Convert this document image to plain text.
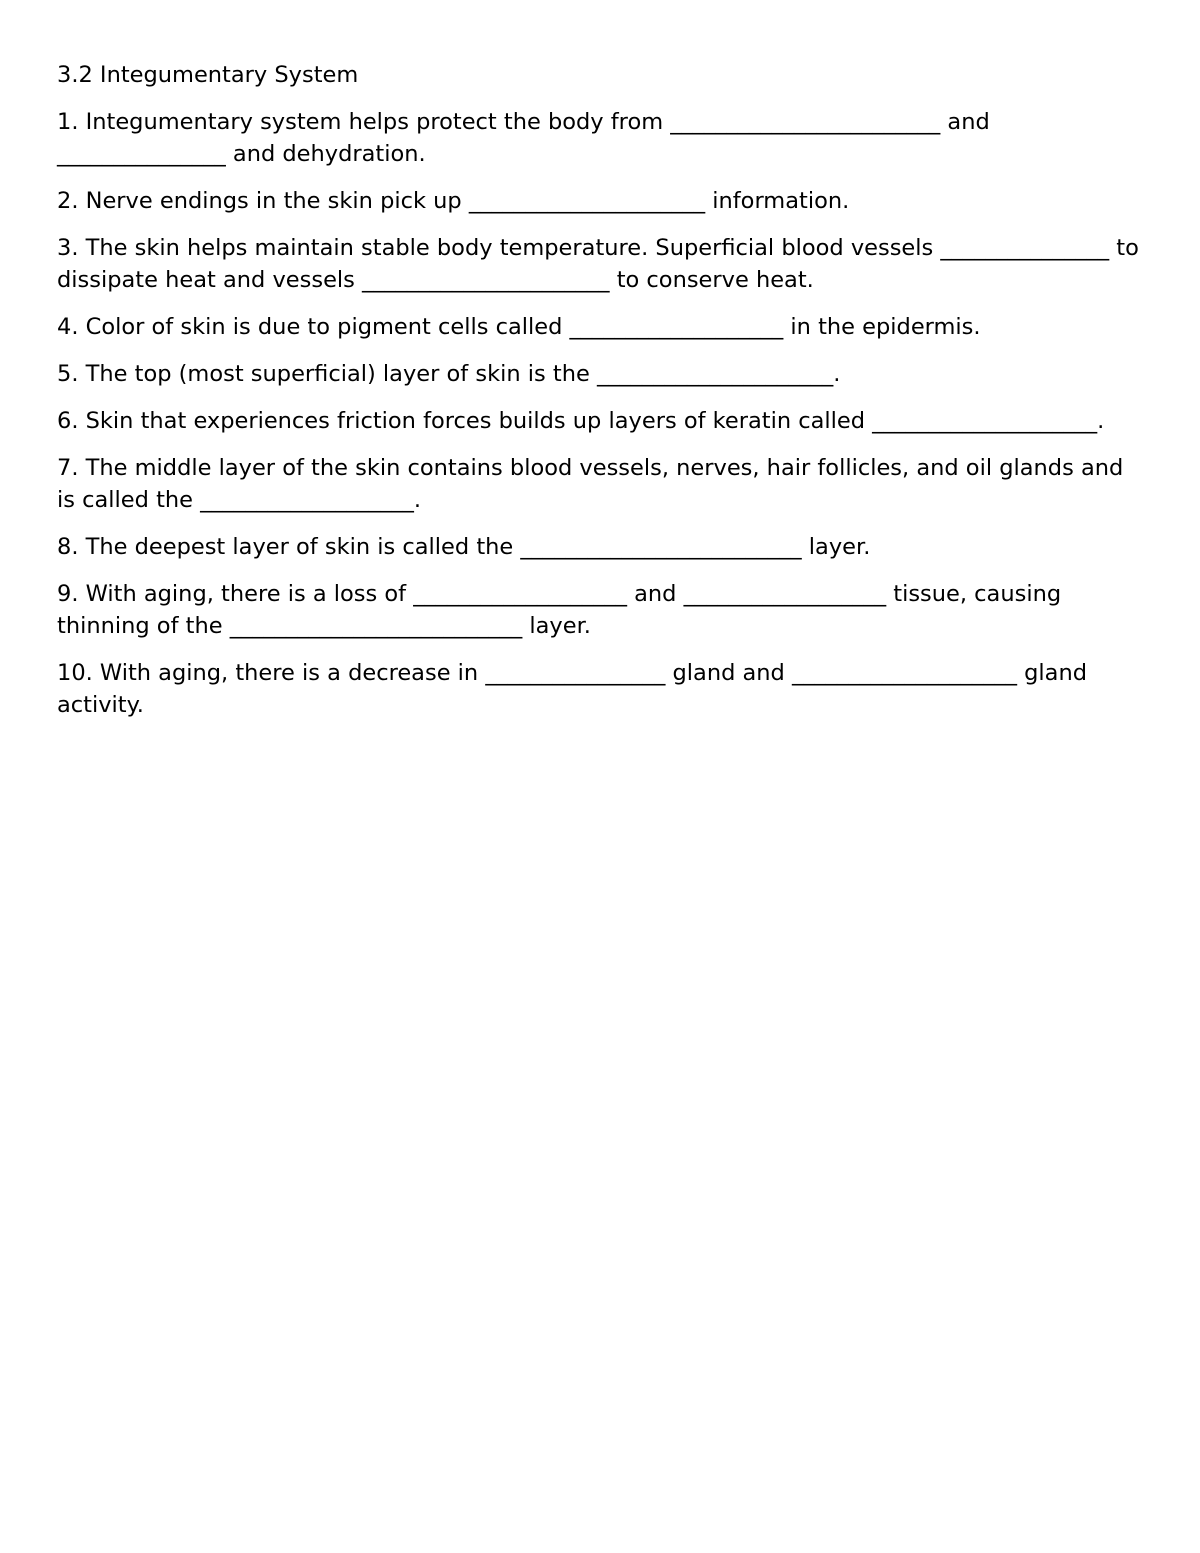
3.2 Integumentary System
1. Integumentary system helps protect the body from ________________________ and _______________ and dehydration.
2. Nerve endings in the skin pick up _____________________ information.
3. The skin helps maintain stable body temperature. Superficial blood vessels _______________ to dissipate heat and vessels ______________________ to conserve heat.
4. Color of skin is due to pigment cells called ___________________ in the epidermis.
5. The top (most superficial) layer of skin is the _____________________.
6. Skin that experiences friction forces builds up layers of keratin called ____________________.
7. The middle layer of the skin contains blood vessels, nerves, hair follicles, and oil glands and is called the ___________________.
8. The deepest layer of skin is called the _________________________ layer.
9. With aging, there is a loss of ___________________ and __________________ tissue, causing thinning of the __________________________ layer.
10. With aging, there is a decrease in ________________ gland and ____________________ gland activity.
